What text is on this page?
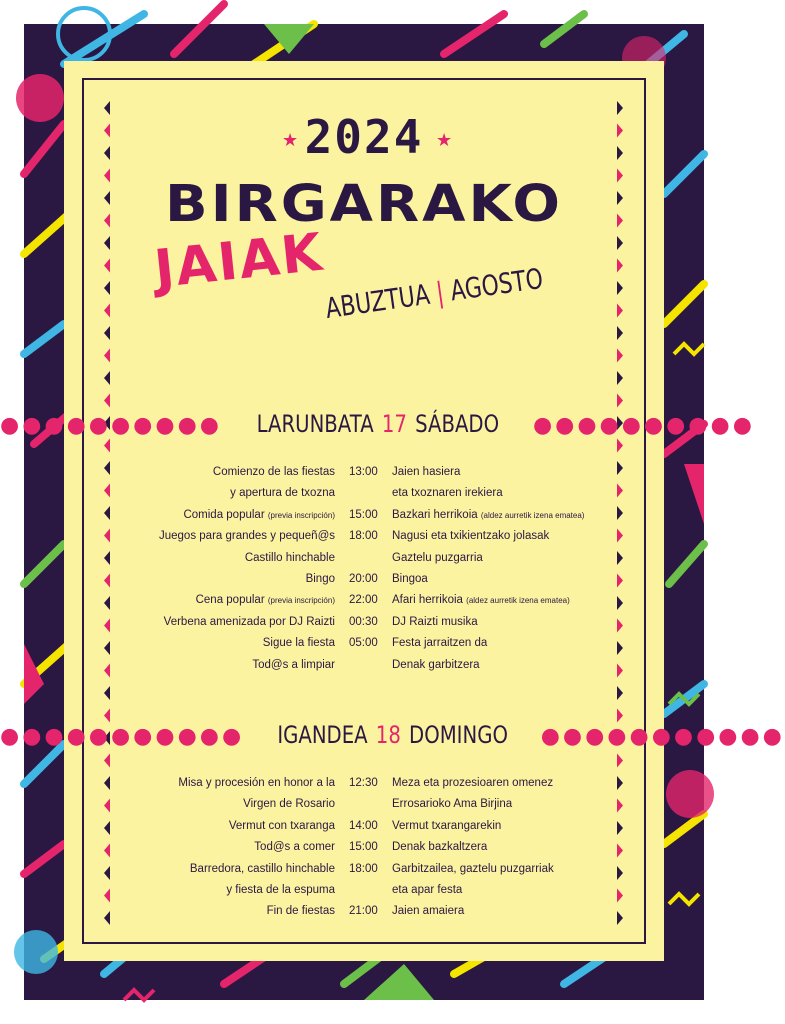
★	★
2024
BIRGARAKO
JAIAK
ABUZTUA | AGOSTO
●●●●●●●●●● LARUNBATA 17 SÁBADO ●●●●●●●●●●
Comienzo de las fiestas 13:00 Jaien hasiera
y apertura de txozna	eta txoznaren irekiera
Comida popular (previa inscripción) 15:00 Bazkari herrikoia (aldez aurretik izena ematea)
Juegos para grandes y pequeñ@s 18:00 Nagusi eta txikientzako jolasak
Castillo hinchable	Gaztelu puzgarria
Bingo 20:00 Bingoa
Cena popular (previa inscripción) 22:00 Afari herrikoia (aldez aurretik izena ematea)
Verbena amenizada por DJ Raizti 00:30 DJ Raizti musika
Sigue la fiesta 05:00 Festa jarraitzen da
Tod@s a limpiar	Denak garbitzera
●●●●●●●●●●● IGANDEA 18 DOMINGO ●●●●●●●●●●●
Misa y procesión en honor a la 12:30 Meza eta prozesioaren omenez
Virgen de Rosario	Errosarioko Ama Birjina
Vermut con txaranga 14:00 Vermut txarangarekin
Tod@s a comer 15:00 Denak bazkaltzera
Barredora, castillo hinchable 18:00 Garbitzailea, gaztelu puzgarriak
y fiesta de la espuma	eta apar festa
Fin de fiestas 21:00 Jaien amaiera
